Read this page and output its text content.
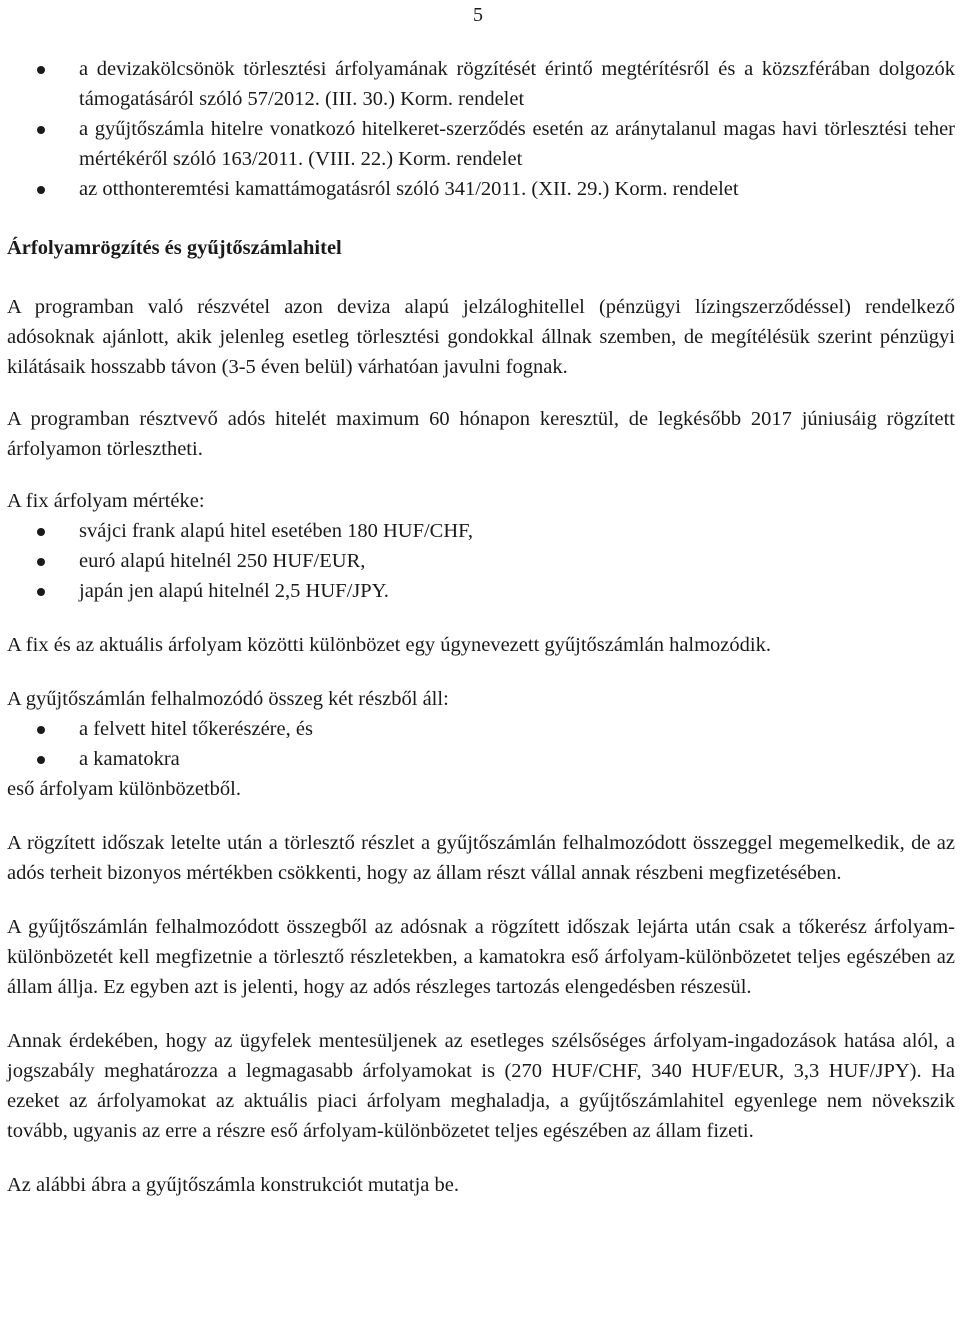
5
a devizakölcsönök törlesztési árfolyamának rögzítését érintő megtérítésről és a közszférában dolgozók támogatásáról szóló 57/2012. (III. 30.) Korm. rendelet
a gyűjtőszámla hitelre vonatkozó hitelkeret-szerződés esetén az aránytalanul magas havi törlesztési teher mértékéről szóló 163/2011. (VIII. 22.) Korm. rendelet
az otthonteremtési kamattámogatásról szóló 341/2011. (XII. 29.) Korm. rendelet
Árfolyamrögzítés és gyűjtőszámlahitel

A programban való részvétel azon deviza alapú jelzáloghitellel (pénzügyi lízingszerződéssel) rendelkező adósoknak ajánlott, akik jelenleg esetleg törlesztési gondokkal állnak szemben, de megítélésük szerint pénzügyi kilátásaik hosszabb távon (3-5 éven belül) várhatóan javulni fognak.

A programban résztvevő adós hitelét maximum 60 hónapon keresztül, de legkésőbb 2017 júniusáig rögzített árfolyamon törlesztheti.

A fix árfolyam mértéke:

svájci frank alapú hitel esetében 180 HUF/CHF,
euró alapú hitelnél 250 HUF/EUR,
japán jen alapú hitelnél 2,5 HUF/JPY.

A fix és az aktuális árfolyam közötti különbözet egy úgynevezett gyűjtőszámlán halmozódik.

A gyűjtőszámlán felhalmozódó összeg két részből áll:

a felvett hitel tőkerészére, és
a kamatokra

eső árfolyam különbözetből.

A rögzített időszak letelte után a törlesztő részlet a gyűjtőszámlán felhalmozódott összeggel megemelkedik, de az adós terheit bizonyos mértékben csökkenti, hogy az állam részt vállal annak részbeni megfizetésében.

A gyűjtőszámlán felhalmozódott összegből az adósnak a rögzített időszak lejárta után csak a tőkerész árfolyam-különbözetét kell megfizetnie a törlesztő részletekben, a kamatokra eső árfolyam-különbözetet teljes egészében az állam állja. Ez egyben azt is jelenti, hogy az adós részleges tartozás elengedésben részesül.

Annak érdekében, hogy az ügyfelek mentesüljenek az esetleges szélsőséges árfolyam-ingadozások hatása alól, a jogszabály meghatározza a legmagasabb árfolyamokat is (270 HUF/CHF, 340 HUF/EUR, 3,3 HUF/JPY). Ha ezeket az árfolyamokat az aktuális piaci árfolyam meghaladja, a gyűjtőszámlahitel egyenlege nem növekszik tovább, ugyanis az erre a részre eső árfolyam-különbözetet teljes egészében az állam fizeti.

Az alábbi ábra a gyűjtőszámla konstrukciót mutatja be.
